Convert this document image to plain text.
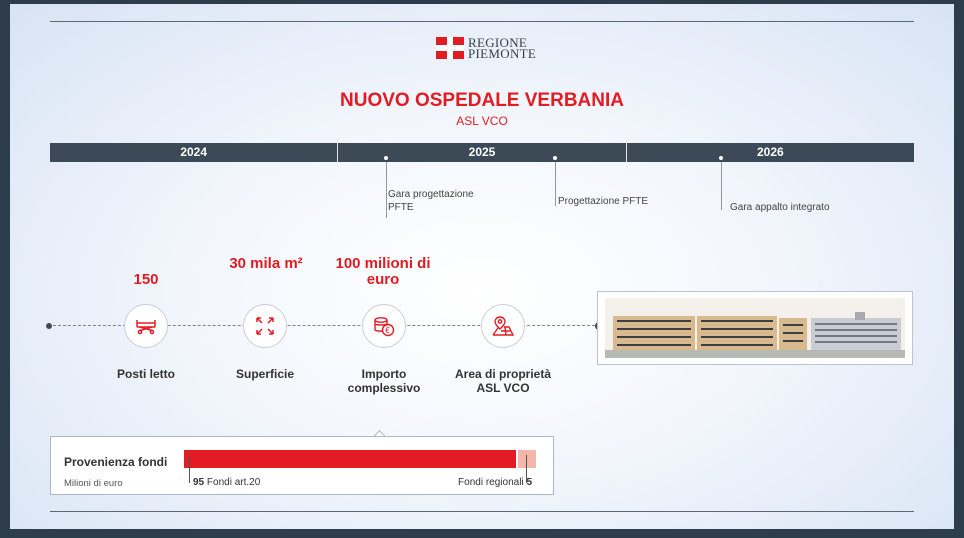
REGIONE
PIEMONTE
NUOVO OSPEDALE VERBANIA
ASL VCO
2024	2025	2026
Gara progettazione PFTE
Progettazione PFTE
Gara appalto integrato
150
Posti letto
30 mila m²
Superficie
100 milioni di euro
€
Importo complessivo
Area di proprietà ASL VCO
Provenienza fondi
Milioni di euro	95 Fondi art.20	Fondi regionali 5
